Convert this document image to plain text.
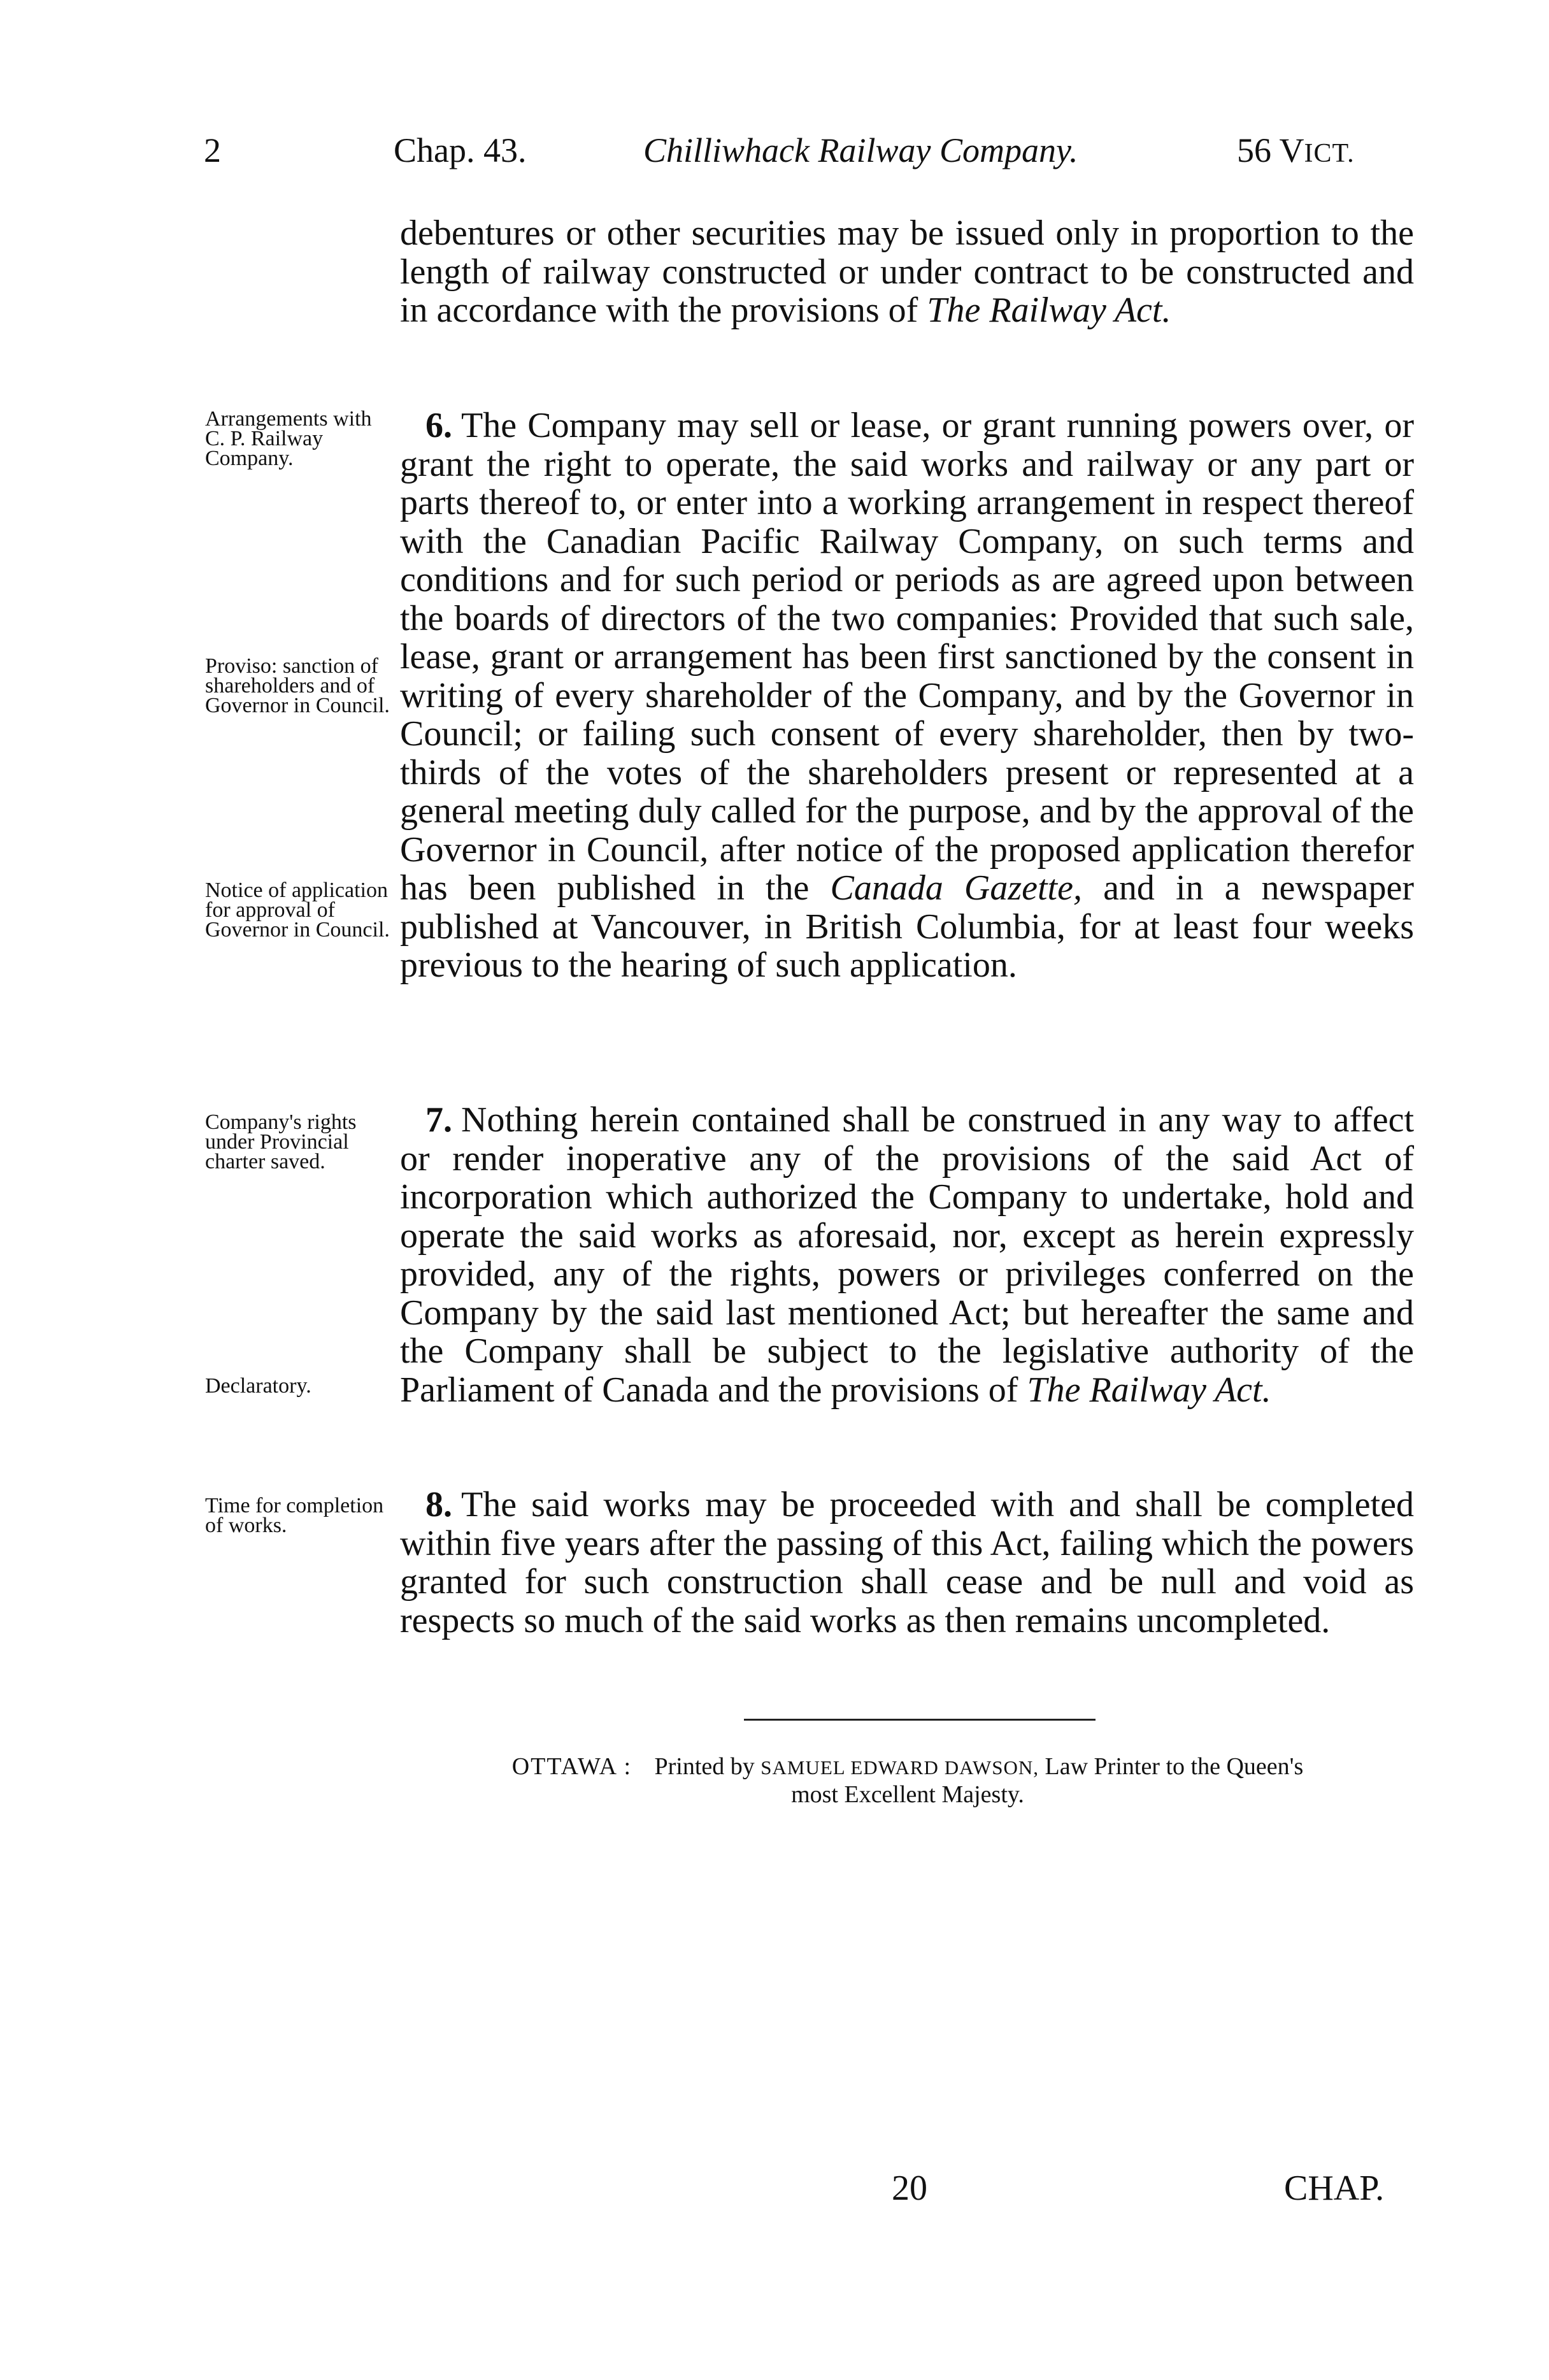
2	Chap. 43.	Chilliwhack Railway Company.	56 VICT.
debentures or other securities may be issued only in proportion to the length of railway constructed or under contract to be constructed and in accordance with the provisions of The Railway Act.
6. The Company may sell or lease, or grant running powers over, or grant the right to operate, the said works and railway or any part or parts thereof to, or enter into a working arrangement in respect thereof with the Canadian Pacific Railway Company, on such terms and conditions and for such period or periods as are agreed upon between the boards of directors of the two companies: Provided that such sale, lease, grant or arrangement has been first sanctioned by the consent in writing of every shareholder of the Company, and by the Governor in Council; or failing such consent of every shareholder, then by two-thirds of the votes of the shareholders present or represented at a general meeting duly called for the purpose, and by the approval of the Governor in Council, after notice of the proposed application therefor has been published in the Canada Gazette, and in a newspaper published at Vancouver, in British Columbia, for at least four weeks previous to the hearing of such application.
7. Nothing herein contained shall be construed in any way to affect or render inoperative any of the provisions of the said Act of incorporation which authorized the Company to undertake, hold and operate the said works as aforesaid, nor, except as herein expressly provided, any of the rights, powers or privileges conferred on the Company by the said last mentioned Act; but hereafter the same and the Company shall be subject to the legislative authority of the Parliament of Canada and the provisions of The Railway Act.
8. The said works may be proceeded with and shall be completed within five years after the passing of this Act, failing which the powers granted for such construction shall cease and be null and void as respects so much of the said works as then remains uncompleted.
Arrangements with C. P. Railway Company.
Proviso: sanction of shareholders and of Governor in Council.
Notice of application for approval of Governor in Council.
Company's rights under Provincial charter saved.
Declaratory.
Time for completion of works.
OTTAWA : Printed by SAMUEL EDWARD DAWSON, Law Printer to the Queen's
most Excellent Majesty.
20	CHAP.
